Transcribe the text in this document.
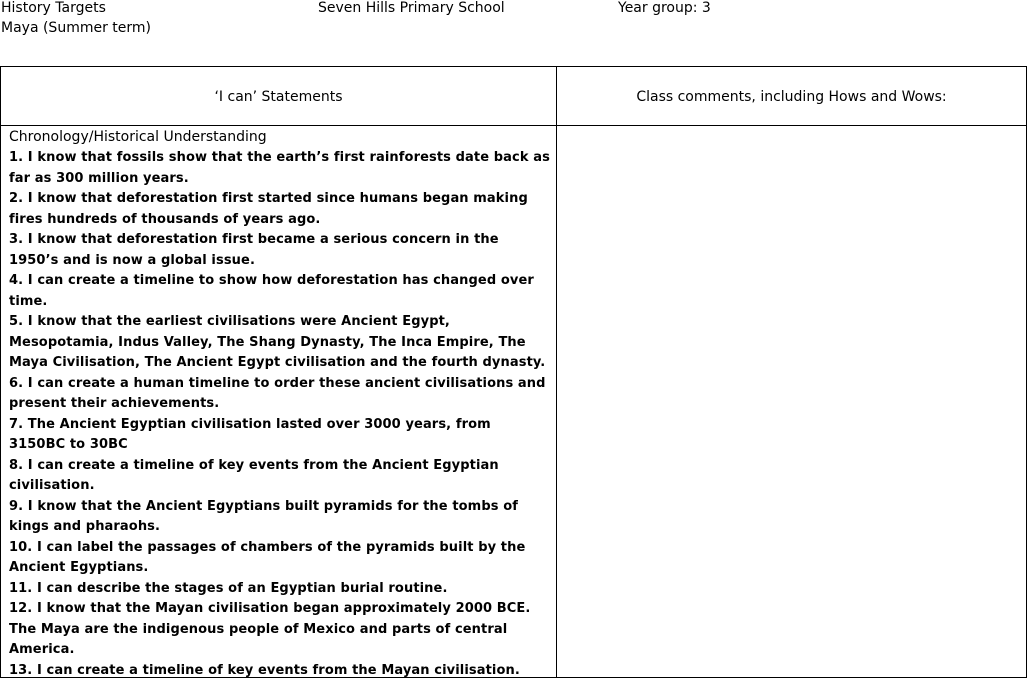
History Targets
Maya (Summer term)
Seven Hills Primary School	Year group: 3
‘I can’ Statements	Class comments, including Hows and Wows:
Chronology/Historical Understanding
1. I know that fossils show that the earth’s first rainforests date back as far as 300 million years.
2. I know that deforestation first started since humans began making fires hundreds of thousands of years ago.
3. I know that deforestation first became a serious concern in the 1950’s and is now a global issue.
4. I can create a timeline to show how deforestation has changed over time.
5. I know that the earliest civilisations were Ancient Egypt, Mesopotamia, Indus Valley, The Shang Dynasty, The Inca Empire, The Maya Civilisation, The Ancient Egypt civilisation and the fourth dynasty.
6. I can create a human timeline to order these ancient civilisations and present their achievements.
7. The Ancient Egyptian civilisation lasted over 3000 years, from 3150BC to 30BC
8. I can create a timeline of key events from the Ancient Egyptian civilisation.
9. I know that the Ancient Egyptians built pyramids for the tombs of kings and pharaohs.
10. I can label the passages of chambers of the pyramids built by the Ancient Egyptians.
11. I can describe the stages of an Egyptian burial routine.
12. I know that the Mayan civilisation began approximately 2000 BCE. The Maya are the indigenous people of Mexico and parts of central America.
13. I can create a timeline of key events from the Mayan civilisation.
